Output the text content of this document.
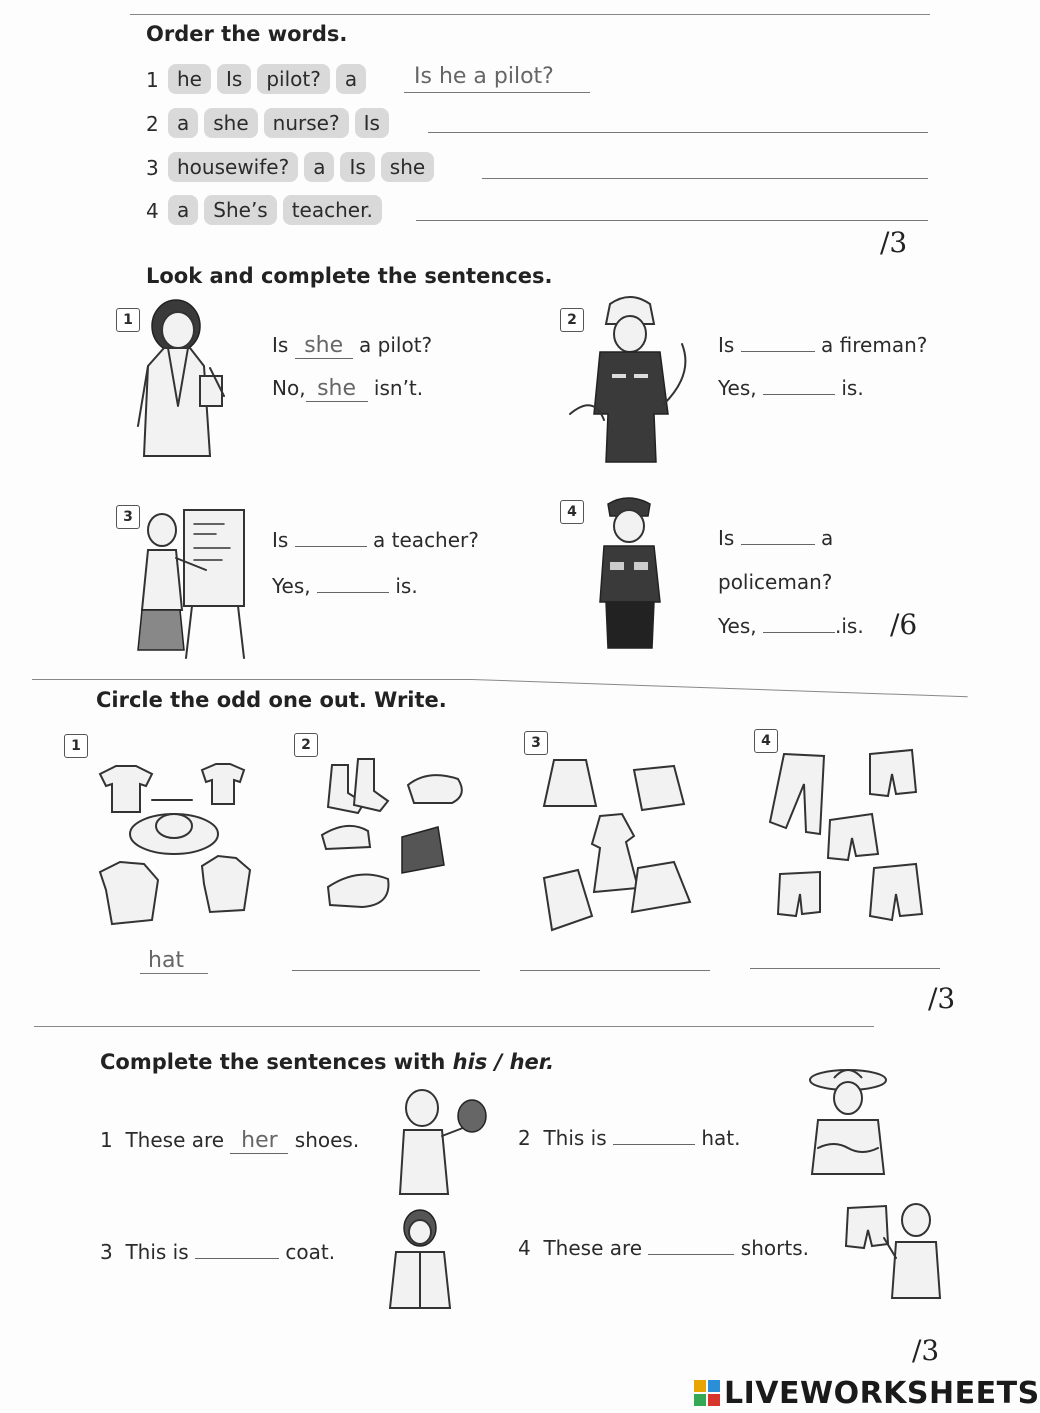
Order the words.
1 he Is pilot? a	Is he a pilot?
2 a she nurse? Is
3 housewife? a Is she
4 a She’s teacher.
/3
Look and complete the sentences.
1
Is she a pilot?
No, she isn’t.
2
Is	a fireman?
Yes,	is.
3
Is	a teacher?
Yes,	is.
4
Is	a
policeman?
Yes,	.is. /6
Circle the odd one out. Write.
1
hat
2	3	4
/3
Complete the sentences with his / her.
1 These are her shoes.	2 This is	hat.
3 This is	coat.	4 These are	shorts.
/3
LIVEWORKSHEETS
